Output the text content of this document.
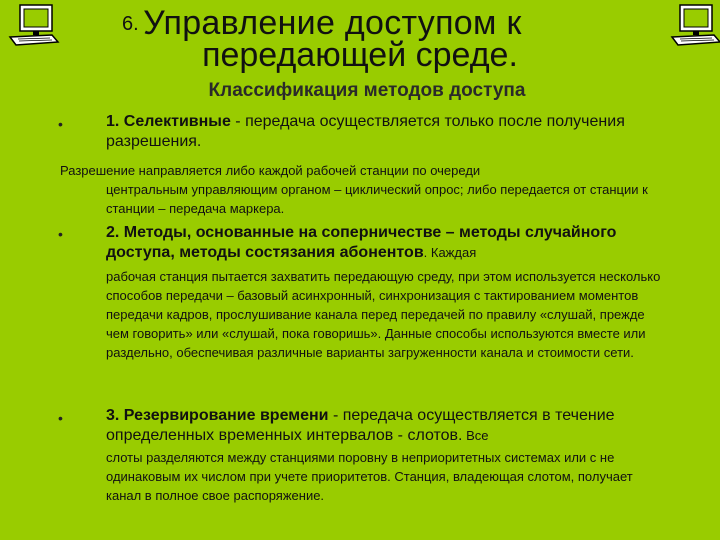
6. Управление доступом к
передающей среде.
Классификация методов доступа
•	1. Селективные - передача осуществляется только после получения разрешения.
Разрешение направляется либо каждой рабочей станции по очереди
центральным управляющим органом – циклический опрос; либо передается от станции к станции – передача маркера.
•	2. Методы, основанные на соперничестве – методы случайного доступа, методы состязания абонентов. Каждая
рабочая станция пытается захватить передающую среду, при этом используется несколько способов передачи – базовый асинхронный, синхронизация с тактированием моментов передачи кадров, прослушивание канала перед передачей по правилу «слушай, прежде чем говорить» или «слушай, пока говоришь». Данные способы используются вместе или раздельно, обеспечивая различные варианты загруженности канала и стоимости сети.
•	3. Резервирование времени - передача осуществляется в течение определенных временных интервалов - слотов. Все
слоты разделяются между станциями поровну в неприоритетных системах или с не одинаковым их числом при учете приоритетов. Станция, владеющая слотом, получает канал в полное свое распоряжение.
